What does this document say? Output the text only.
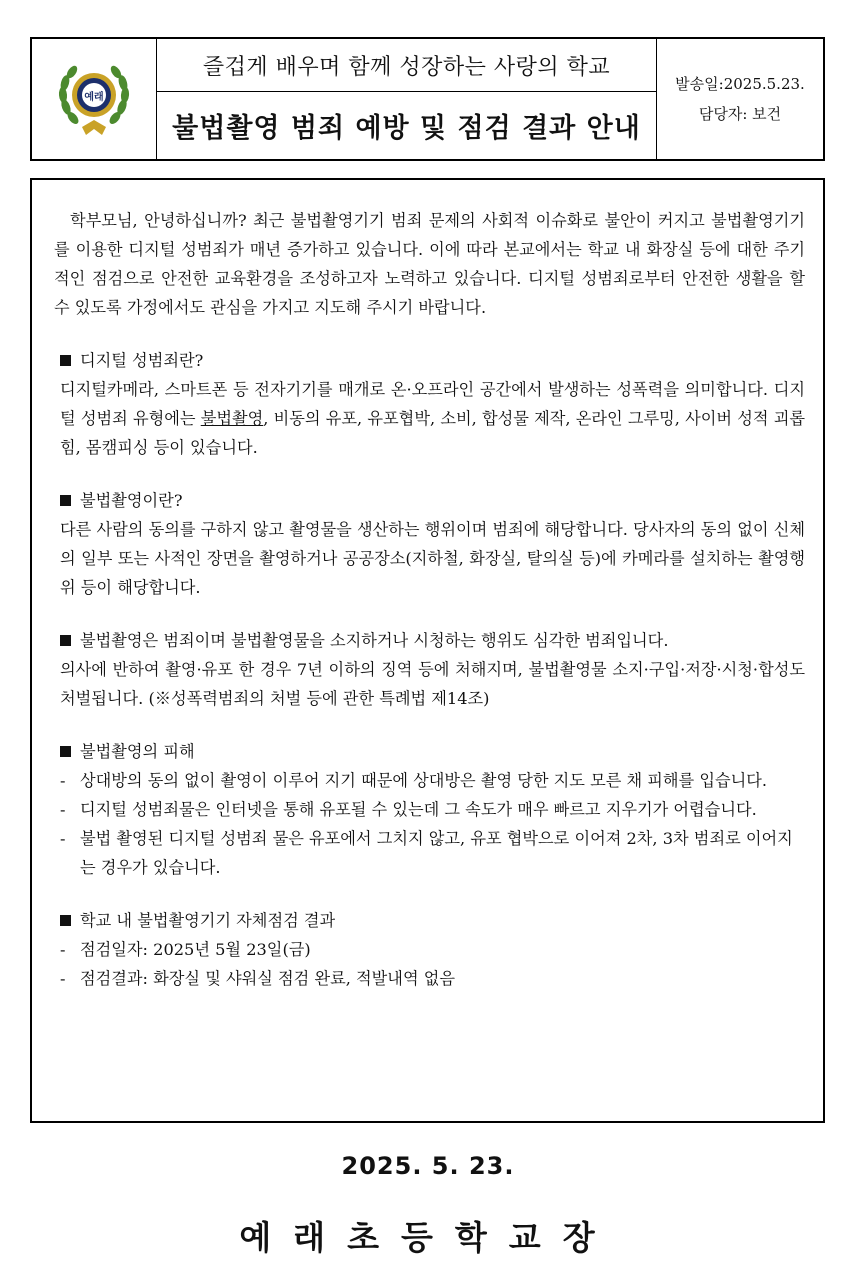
예래
즐겁게 배우며 함께 성장하는 사랑의 학교
불법촬영 범죄 예방 및 점검 결과 안내
발송일:2025.5.23.
담당자: 보건

학부모님, 안녕하십니까? 최근 불법촬영기기 범죄 문제의 사회적 이슈화로 불안이 커지고 불법촬영기기를 이용한 디지털 성범죄가 매년 증가하고 있습니다. 이에 따라 본교에서는 학교 내 화장실 등에 대한 주기적인 점검으로 안전한 교육환경을 조성하고자 노력하고 있습니다. 디지털 성범죄로부터 안전한 생활을 할 수 있도록 가정에서도 관심을 가지고 지도해 주시기 바랍니다.

디지털 성범죄란?
디지털카메라, 스마트폰 등 전자기기를 매개로 온·오프라인 공간에서 발생하는 성폭력을 의미합니다. 디지털 성범죄 유형에는 불법촬영, 비동의 유포, 유포협박, 소비, 합성물 제작, 온라인 그루밍, 사이버 성적 괴롭힘, 몸캠피싱 등이 있습니다.
불법촬영이란?
다른 사람의 동의를 구하지 않고 촬영물을 생산하는 행위이며 범죄에 해당합니다. 당사자의 동의 없이 신체의 일부 또는 사적인 장면을 촬영하거나 공공장소(지하철, 화장실, 탈의실 등)에 카메라를 설치하는 촬영행위 등이 해당합니다.
불법촬영은 범죄이며 불법촬영물을 소지하거나 시청하는 행위도 심각한 범죄입니다.
의사에 반하여 촬영·유포 한 경우 7년 이하의 징역 등에 처해지며, 불법촬영물 소지·구입·저장·시청·합성도 처벌됩니다. (※성폭력범죄의 처벌 등에 관한 특례법 제14조)
불법촬영의 피해
- 상대방의 동의 없이 촬영이 이루어 지기 때문에 상대방은 촬영 당한 지도 모른 채 피해를 입습니다.
- 디지털 성범죄물은 인터넷을 통해 유포될 수 있는데 그 속도가 매우 빠르고 지우기가 어렵습니다.
- 불법 촬영된 디지털 성범죄 물은 유포에서 그치지 않고, 유포 협박으로 이어져 2차, 3차 범죄로 이어지는 경우가 있습니다.
학교 내 불법촬영기기 자체점검 결과
- 점검일자: 2025년 5월 23일(금)
- 점검결과: 화장실 및 샤워실 점검 완료, 적발내역 없음
2025. 5. 23.
예래초등학교장
